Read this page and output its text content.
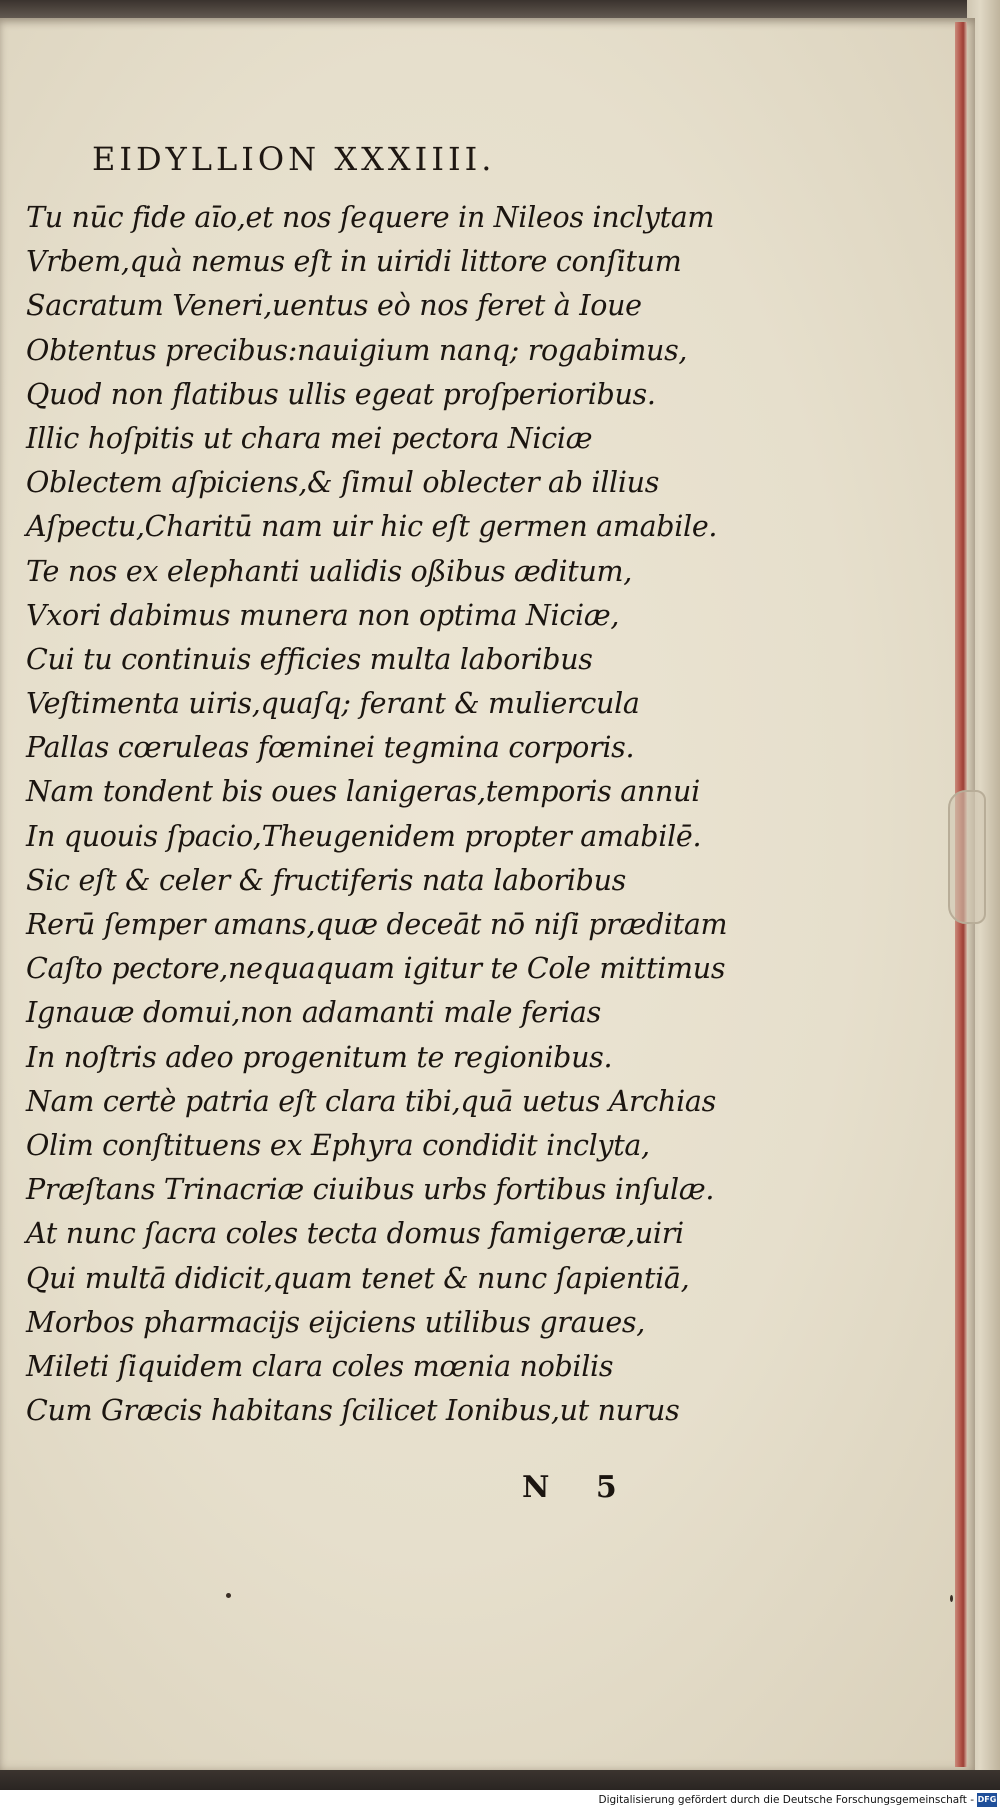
EIDYLLION XXXIIII.
Tu nūc fide aīo,et nos ſequere in Nileos inclytam
Vrbem,quà nemus eſt in uiridi littore conſitum
Sacratum Veneri,uentus eò nos feret à Ioue
Obtentus precibus:nauigium nanq; rogabimus,
Quod non flatibus ullis egeat proſperioribus.
Illic hoſpitis ut chara mei pectora Niciæ
Oblectem aſpiciens,& ſimul oblecter ab illius
Aſpectu,Charitū nam uir hic eſt germen amabile.
Te nos ex elephanti ualidis oßibus æditum,
Vxori dabimus munera non optima Niciæ,
Cui tu continuis efficies multa laboribus
Veſtimenta uiris,quaſq; ferant & muliercula
Pallas cœruleas fœminei tegmina corporis.
Nam tondent bis oues lanigeras,temporis annui
In quouis ſpacio,Theugenidem propter amabilē.
Sic eſt & celer & fructiferis nata laboribus
Rerū ſemper amans,quæ deceāt nō niſi præditam
Caſto pectore,nequaquam igitur te Cole mittimus
Ignauæ domui,non adamanti male ferias
In noſtris adeo progenitum te regionibus.
Nam certè patria eſt clara tibi,quā uetus Archias
Olim conſtituens ex Ephyra condidit inclyta,
Præſtans Trinacriæ ciuibus urbs fortibus inſulæ.
At nunc ſacra coles tecta domus famigeræ,uiri
Qui multā didicit,quam tenet & nunc ſapientiā,
Morbos pharmacijs eijciens utilibus graues,
Mileti ſiquidem clara coles mœnia nobilis
Cum Græcis habitans ſcilicet Ionibus,ut nurus
N 5
Digitalisierung gefördert durch die Deutsche Forschungsgemeinschaft - DFG
